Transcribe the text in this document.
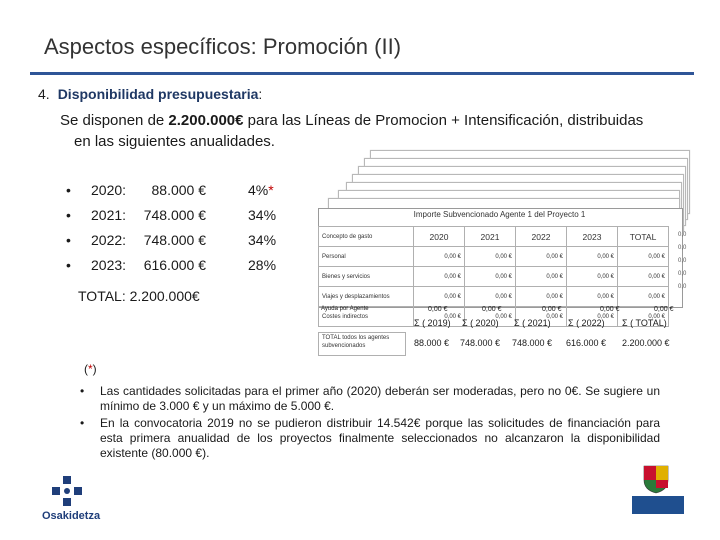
Aspectos específicos: Promoción (II)
4. Disponibilidad presupuestaria:
Se disponen de 2.200.000€ para las Líneas de Promocion + Intensificación, distribuidas
en las siguientes anualidades.
• 2020:	88.000 €	4%*
• 2021:	748.000 €	34%
• 2022:	748.000 €	34%
• 2023:	616.000 €	28%
TOTAL: 2.200.000€
Importe Subvencionado Agente 1 del Proyecto 1
Concepto de gasto	2020	2021	2022	2023	TOTAL
Personal	0,00 €	0,00 €	0,00 €	0,00 €	0,00 €
Bienes y servicios	0,00 €	0,00 €	0,00 €	0,00 €	0,00 €
Viajes y desplazamientos	0,00 €	0,00 €	0,00 €	0,00 €	0,00 €
Costes indirectos	0,00 €	0,00 €	0,00 €	0,00 €	0,00 €
Ayuda por Agente	0,00 €	0,00 €	0,00 €	0,00 €	0,00 €
Σ ( 2019) Σ ( 2020) Σ ( 2021) Σ ( 2022) Σ ( TOTAL)
TOTAL todos los agentes subvencionados	88.000 € 748.000 € 748.000 € 616.000 € 2.200.000 €
0,0
0,0
0,0
0,0
0,0
(*)
• Las cantidades solicitadas para el primer año (2020) deberán ser moderadas, pero no 0€. Se sugiere un mínimo de 3.000 € y un máximo de 5.000 €.
• En la convocatoria 2019 no se pudieron distribuir 14.542€ porque las solicitudes de financiación para esta primera anualidad de los proyectos finalmente seleccionados no alcanzaron la disponibilidad existente (80.000 €).
Osakidetza
